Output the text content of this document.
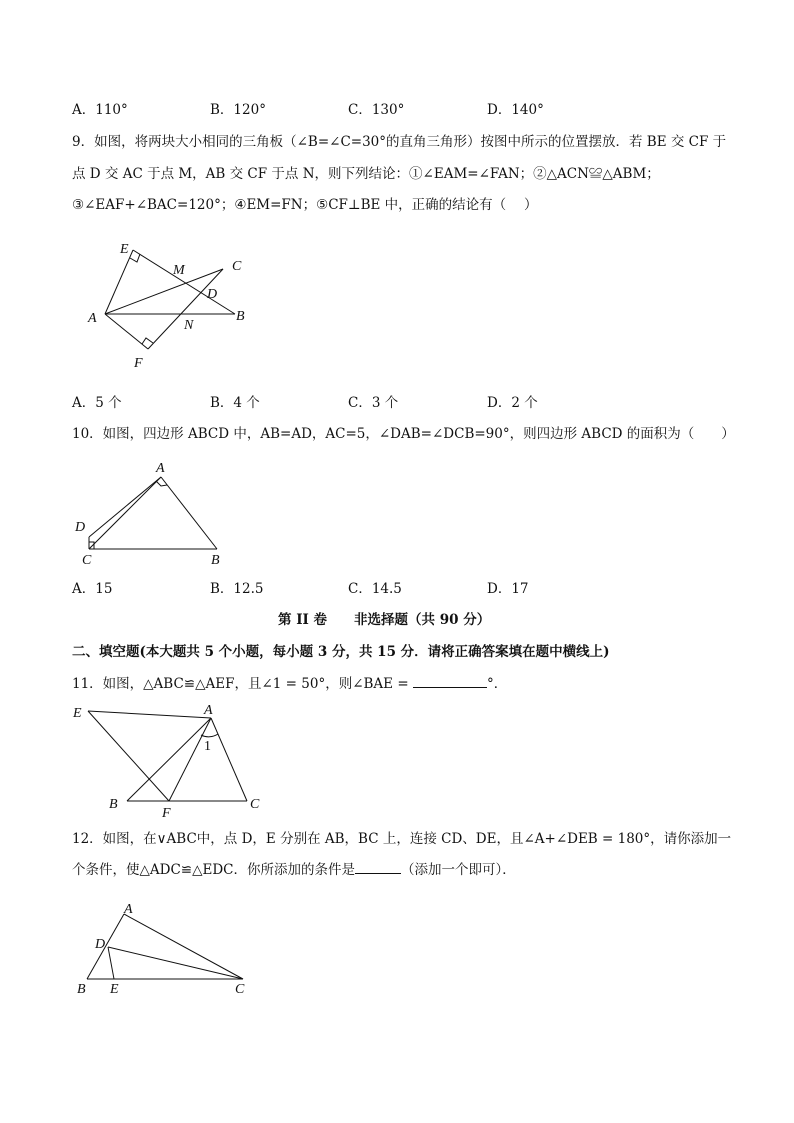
A．110°	B．120°	C．130°	D．140°
9．如图，将两块大小相同的三角板（∠B=∠C=30°的直角三角形）按图中所示的位置摆放．若 BE 交 CF 于
点 D 交 AC 于点 M，AB 交 CF 于点 N，则下列结论：①∠EAM=∠FAN；②△ACN≌△ABM；
③∠EAF+∠BAC=120°；④EM=FN；⑤CF⊥BE 中，正确的结论有（　 ）
E
M	C
D
A	N
B
F
A．5 个	B．4 个	C．3 个	D．2 个
10．如图，四边形 ABCD 中，AB=AD，AC=5，∠DAB=∠DCB=90°，则四边形 ABCD 的面积为（　　）
A
D
C	B
A．15	B．12.5	C．14.5	D．17
第 II 卷　　非选择题（共 90 分）
二、填空题(本大题共 5 个小题，每小题 3 分，共 15 分．请将正确答案填在题中横线上)
11．如图，△ABC≌△AEF，且∠1 = 50°，则∠BAE =	°．
E	A
1
B
F
C
12．如图，在∨ABC中，点 D，E 分别在 AB，BC 上，连接 CD、DE，且∠A+∠DEB = 180°，请你添加一
个条件，使△ADC≌△EDC．你所添加的条件是	（添加一个即可）．
A
D
B E	C
